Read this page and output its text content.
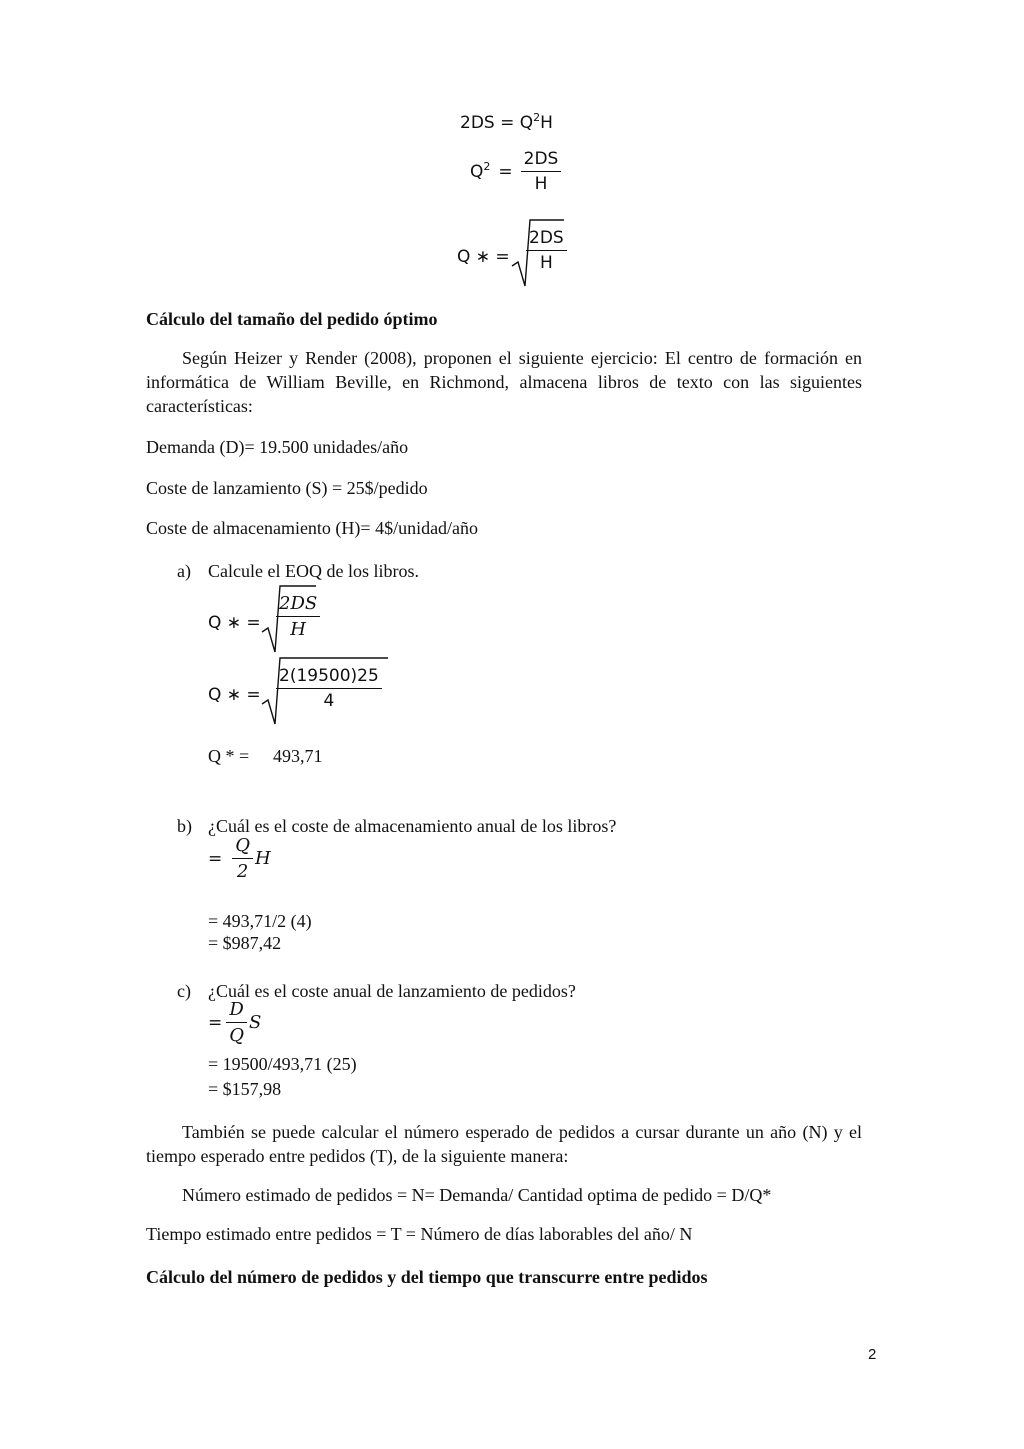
$2DS = Q^2H$
Q $2 = \frac{2DS}{H}$
Q ∗ = $\frac{2DS}{H}$
Cálculo del tamaño del pedido óptimo
Según Heizer y Render (2008), proponen el siguiente ejercicio: El centro de formación en informática de William Beville, en Richmond, almacena libros de texto con las siguientes características:
Demanda (D)= 19.500 unidades/año
Coste de lanzamiento (S) = 25$/pedido
Coste de almacenamiento (H)= 4$/unidad/año
a) Calcule el EOQ de los libros.
Q ∗ = $\frac{2DS}{H}$
Q ∗ = $\frac{2(19500)25}{4}$
Q * = 493,71
b) ¿Cuál es el coste de almacenamiento anual de los libros?
= $\frac{Q}{2}$ H
= 493,71/2 (4)
= $987,42
c) ¿Cuál es el coste anual de lanzamiento de pedidos?
= $\frac{D}{Q}$ S
= 19500/493,71 (25)
= $157,98
También se puede calcular el número esperado de pedidos a cursar durante un año (N) y el tiempo esperado entre pedidos (T), de la siguiente manera:
Número estimado de pedidos = N= Demanda/ Cantidad optima de pedido = D/Q*
Tiempo estimado entre pedidos = T = Número de días laborables del año/ N
Cálculo del número de pedidos y del tiempo que transcurre entre pedidos
2
